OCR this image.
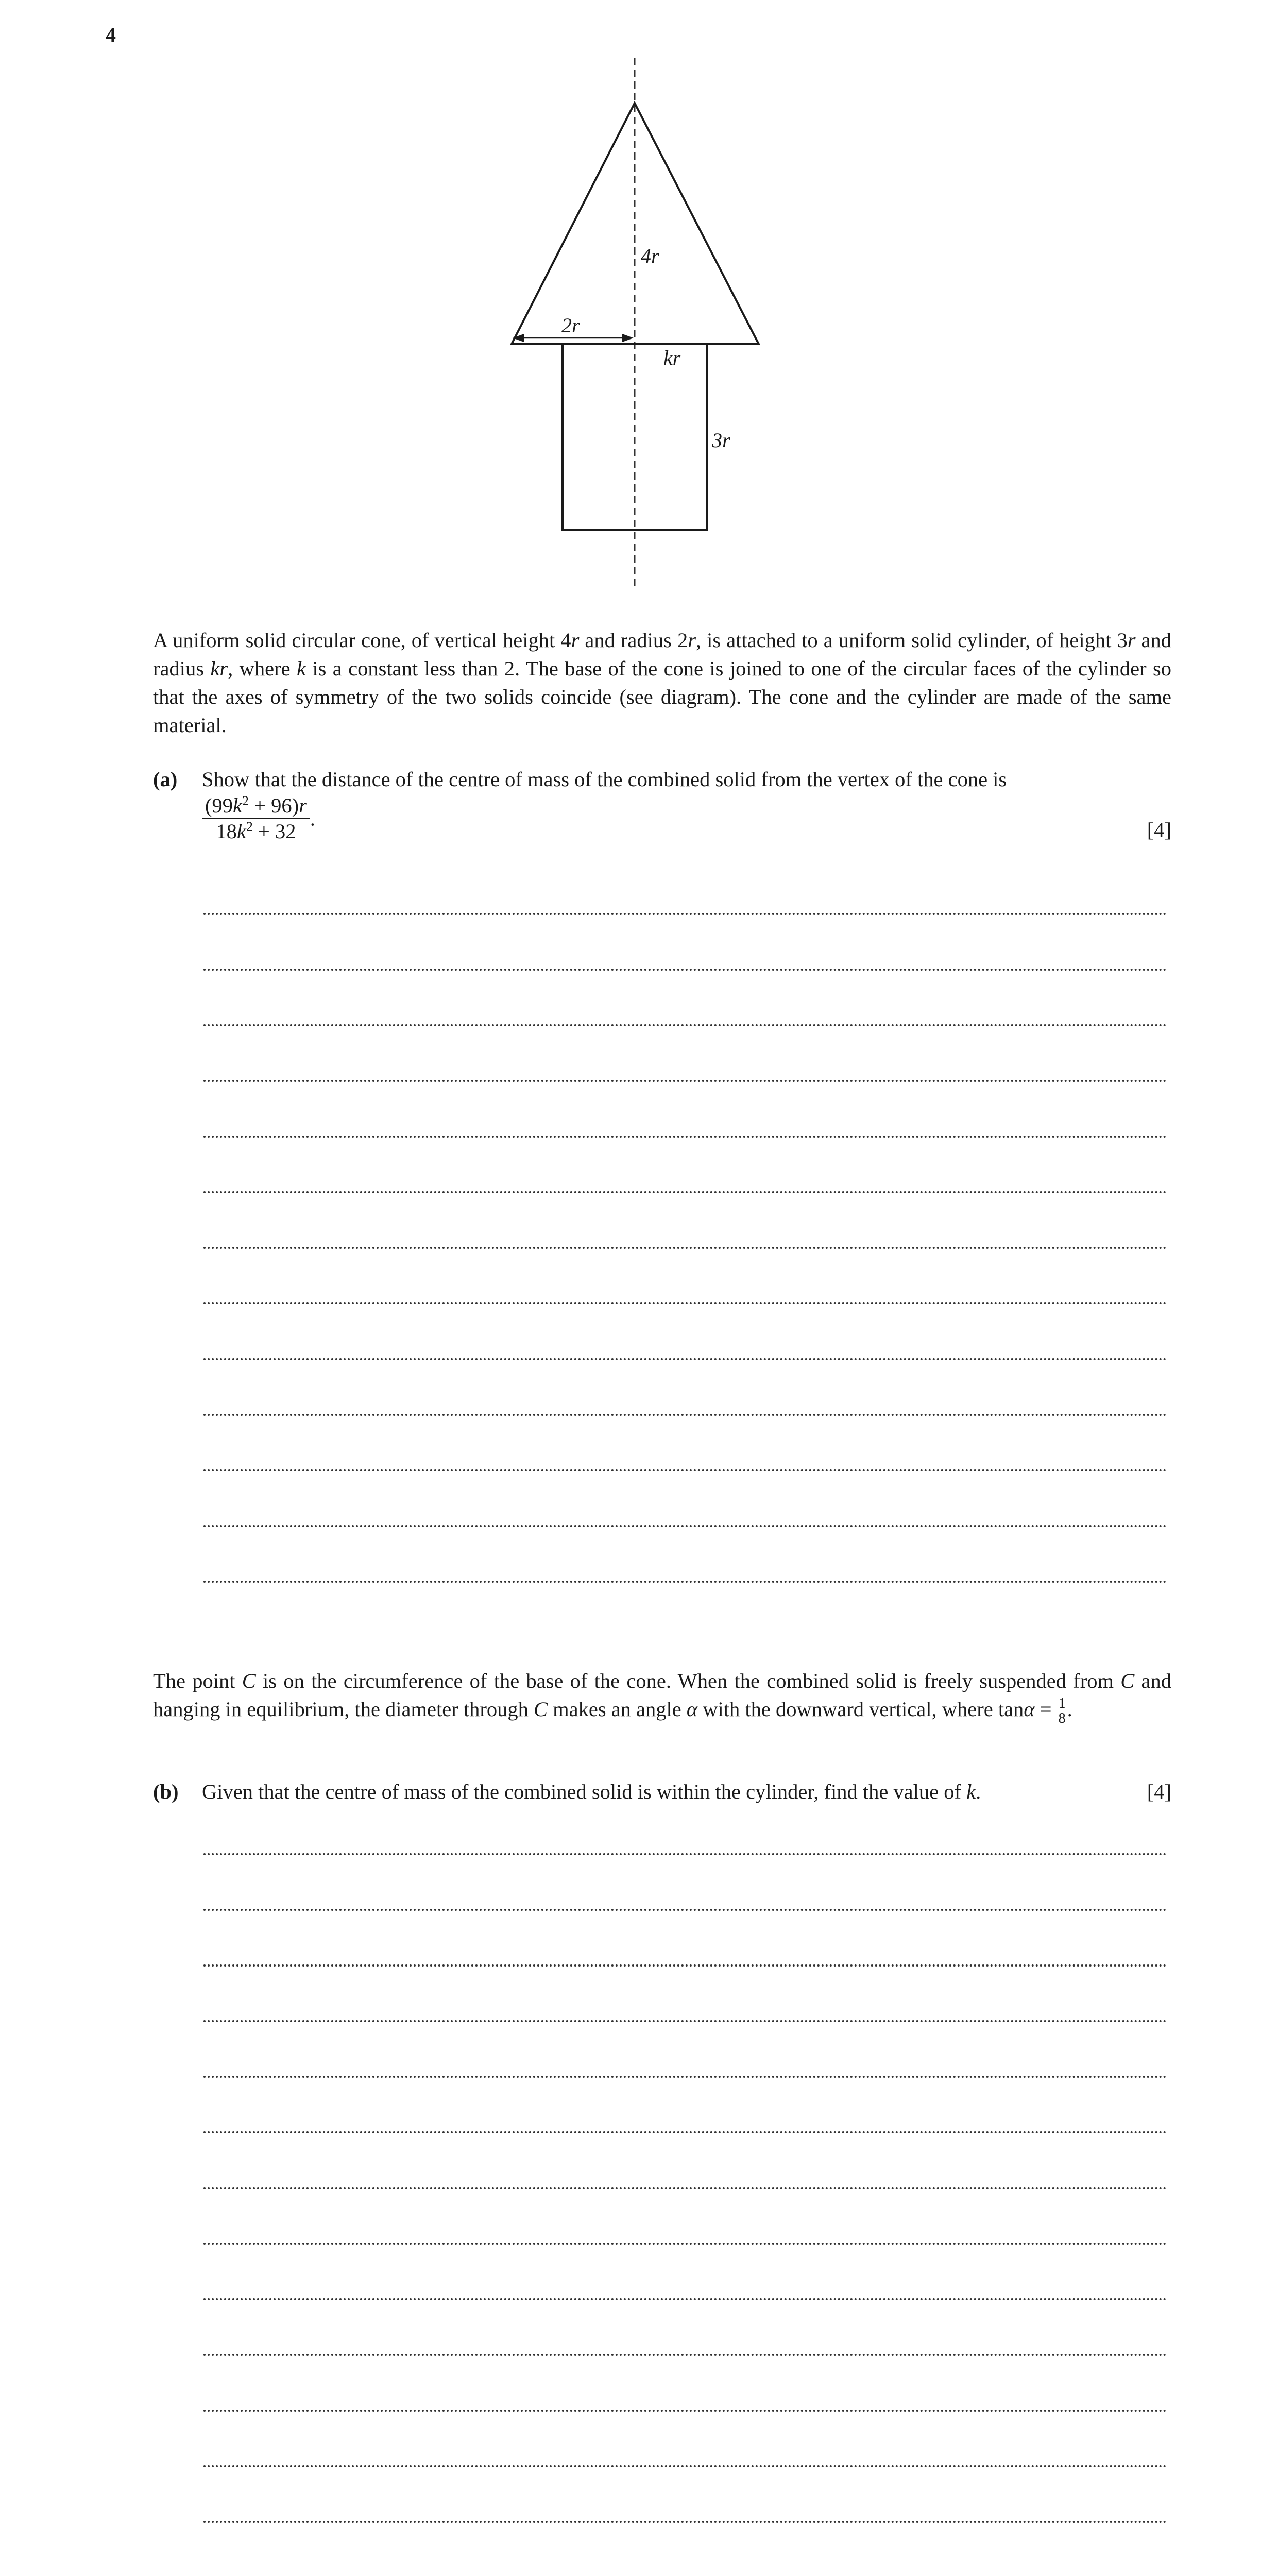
4
4r
2r
kr
3r
A uniform solid circular cone, of vertical height 4r and radius 2r, is attached to a uniform solid cylinder, of height 3r and radius kr, where k is a constant less than 2. The base of the cone is joined to one of the circular faces of the cylinder so that the axes of symmetry of the two solids coincide (see diagram). The cone and the cylinder are made of the same material.
(a) Show that the distance of the centre of mass of the combined solid from the vertex of the cone is
$\frac{(99k^2 + 96)r}{18k^2 + 32}$ .	[4]
The point C is on the circumference of the base of the cone. When the combined solid is freely suspended from C and hanging in equilibrium, the diameter through C makes an angle α with the downward vertical, where $\tan\alpha = \frac{1}{8}$ .
(b) Given that the centre of mass of the combined solid is within the cylinder, find the value of k.	[4]
